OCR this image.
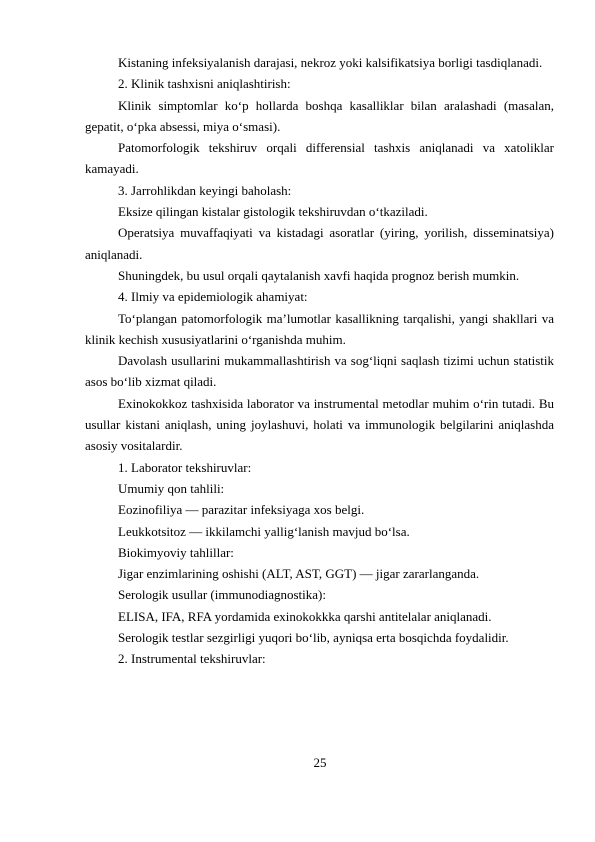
Kistaning infeksiyalanish darajasi, nekroz yoki kalsifikatsiya borligi tasdiqlanadi.

2. Klinik tashxisni aniqlashtirish:

Klinik simptomlar ko‘p hollarda boshqa kasalliklar bilan aralashadi (masalan, gepatit, o‘pka absessi, miya o‘smasi).

Patomorfologik tekshiruv orqali differensial tashxis aniqlanadi va xatoliklar kamayadi.

3. Jarrohlikdan keyingi baholash:

Eksize qilingan kistalar gistologik tekshiruvdan o‘tkaziladi.

Operatsiya muvaffaqiyati va kistadagi asoratlar (yiring, yorilish, disseminatsiya) aniqlanadi.

Shuningdek, bu usul orqali qaytalanish xavfi haqida prognoz berish mumkin.

4. Ilmiy va epidemiologik ahamiyat:

To‘plangan patomorfologik ma’lumotlar kasallikning tarqalishi, yangi shakllari va klinik kechish xususiyatlarini o‘rganishda muhim.

Davolash usullarini mukammallashtirish va sog‘liqni saqlash tizimi uchun statistik asos bo‘lib xizmat qiladi.

Exinokokkoz tashxisida laborator va instrumental metodlar muhim o‘rin tutadi. Bu usullar kistani aniqlash, uning joylashuvi, holati va immunologik belgilarini aniqlashda asosiy vositalardir.

1. Laborator tekshiruvlar:

Umumiy qon tahlili:

Eozinofiliya — parazitar infeksiyaga xos belgi.

Leukkotsitoz — ikkilamchi yallig‘lanish mavjud bo‘lsa.

Biokimyoviy tahlillar:

Jigar enzimlarining oshishi (ALT, AST, GGT) — jigar zararlanganda.

Serologik usullar (immunodiagnostika):

ELISA, IFA, RFA yordamida exinokokkka qarshi antitelalar aniqlanadi.

Serologik testlar sezgirligi yuqori bo‘lib, ayniqsa erta bosqichda foydalidir.

2. Instrumental tekshiruvlar:

25
